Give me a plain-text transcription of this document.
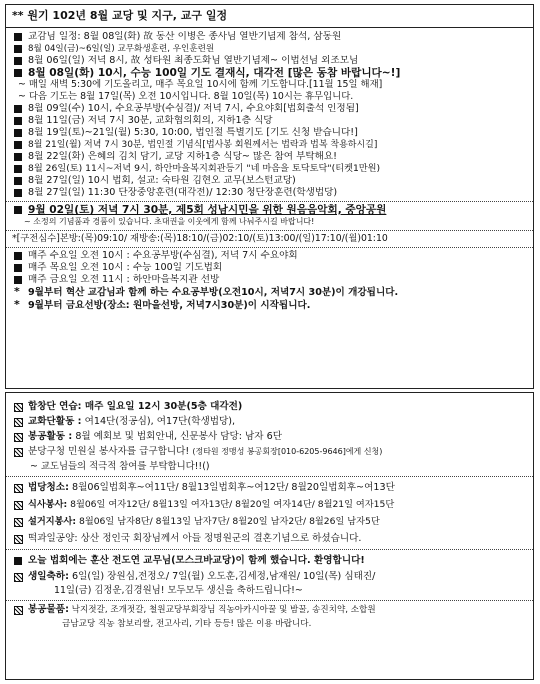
** 원기 102년 8월 교당 및 지구, 교구 일정
교감님 일정: 8월 08일(화) 故 동산 이병은 종사님 열반기념제 참석, 삼동원
8월 04일(금)~6일(일) 교무화생훈련, 우인훈련원
8월 06일(일) 저녁 8시, 故 성타원 최종도화님 열반기념제~ 이법선님 외조모님
8월 08일(화) 10시, 수능 100일 기도 결재식, 대각전 [많은 동참 바랍니다~!]
~ 매일 새벽 5:30에 기도올리고, 매주 목요일 10시에 함께 기도합니다.[11월 15일 해재]
~ 다음 기도는 8월 17일(목) 오전 10시입니다. 8월 10일(목) 10시는 휴무입니다.
8월 09일(수) 10시, 수요공부방(수심결)/ 저녁 7시, 수요야회[법회출석 인정됨]
8월 11일(금) 저녁 7시 30분, 교화협의회의, 지하1층 식당
8월 19일(토)~21일(월) 5:30, 10:00, 법인절 특별기도 [기도 신청 받습니다!]
8월 21일(월) 저녁 7시 30분, 법인절 기념식[법사봉 회원께서는 법락과 법복 착용하시길]
8월 22일(화) 은혜의 김치 담기, 교당 지하1층 식당~ 많은 참여 부탁해요!
8월 26일(토) 11시~저녁 9시, 하안마을복지회관등기 "네 마음을 토닥토닥"(티켓1만원)
8월 27일(일) 10시 법회, 설교: 숙타원 김현오 교무(보스턴교당)
8월 27일(일) 11:30 단장중앙훈련(대각전)/ 12:30 청단장훈련(학생법당)
9월 02일(토) 저녁 7시 30분, 제5회 성남시민을 위한 원음음악회, 중앙공원
~ 소정의 기념품과 경품이 있습니다. 초대권을 이웃에게 함께 나눠주시길 바랍니다!
*[구전심수]본방:(목)09:10/ 재방송:(목)18:10/(금)02:10/(토)13:00/(일)17:10/(월)01:10
매주 수요일 오전 10시 : 수요공부방(수심결), 저녁 7시 수요야회
매주 목요일 오전 10시 : 수능 100일 기도법회
매주 금요일 오전 11시 : 하안마을복지관 선방
* 9월부터 혁산 교감님과 함께 하는 수요공부방(오전10시, 저녁7시 30분)이 개강됩니다.
* 9월부터 금요선방(장소: 원마을선방, 저녁7시30분)이 시작됩니다.
합창단 연습: 매주 일요일 12시 30분(5층 대각전)
교화단활동 : 여14단(정공심), 여17단(학생법당),
봉공활동 : 8월 예회보 및 법회안내, 신문봉사 담당: 남자 6단
분당구청 민원실 봉사자를 급구합니다! (정타원 정맹성 봉공회장[010-6205-9646]에게 신청)
~ 교도님들의 적극적 참여를 부탁합니다!!()
법당청소: 8월06일법회후~여11단/ 8월13일법회후~여12단/ 8월20일법회후~여13단
식사봉사: 8월06일 여자12단/ 8월13일 여자13단/ 8월20일 여자14단/ 8월21일 여자15단
설거지봉사: 8월06일 남자8단/ 8월13일 남자7단/ 8월20일 남자2단/ 8월26일 남자5단
떡과일공양: 상산 정인국 회장님께서 아들 정명원군의 결혼기념으로 하셨습니다.
오늘 법회에는 훈산 전도연 교무님(모스크바교당)이 함께 했습니다. 환영합니다!
생일축하: 6일(일) 장원심,전정오/ 7일(월) 오도훈,김세정,남재원/ 10일(목) 심태진/
11일(금) 김정운,김경원님! 모두모두 생신을 축하드립니다!~
봉공물품: 낙지젓갈, 조개젓갈, 철원교당부회장님 직농아카시아꿀 및 밤꿀, 송진치약, 소합원
금남교당 직농 참보리쌀, 전고사리, 기타 등등! 많은 이용 바랍니다.
